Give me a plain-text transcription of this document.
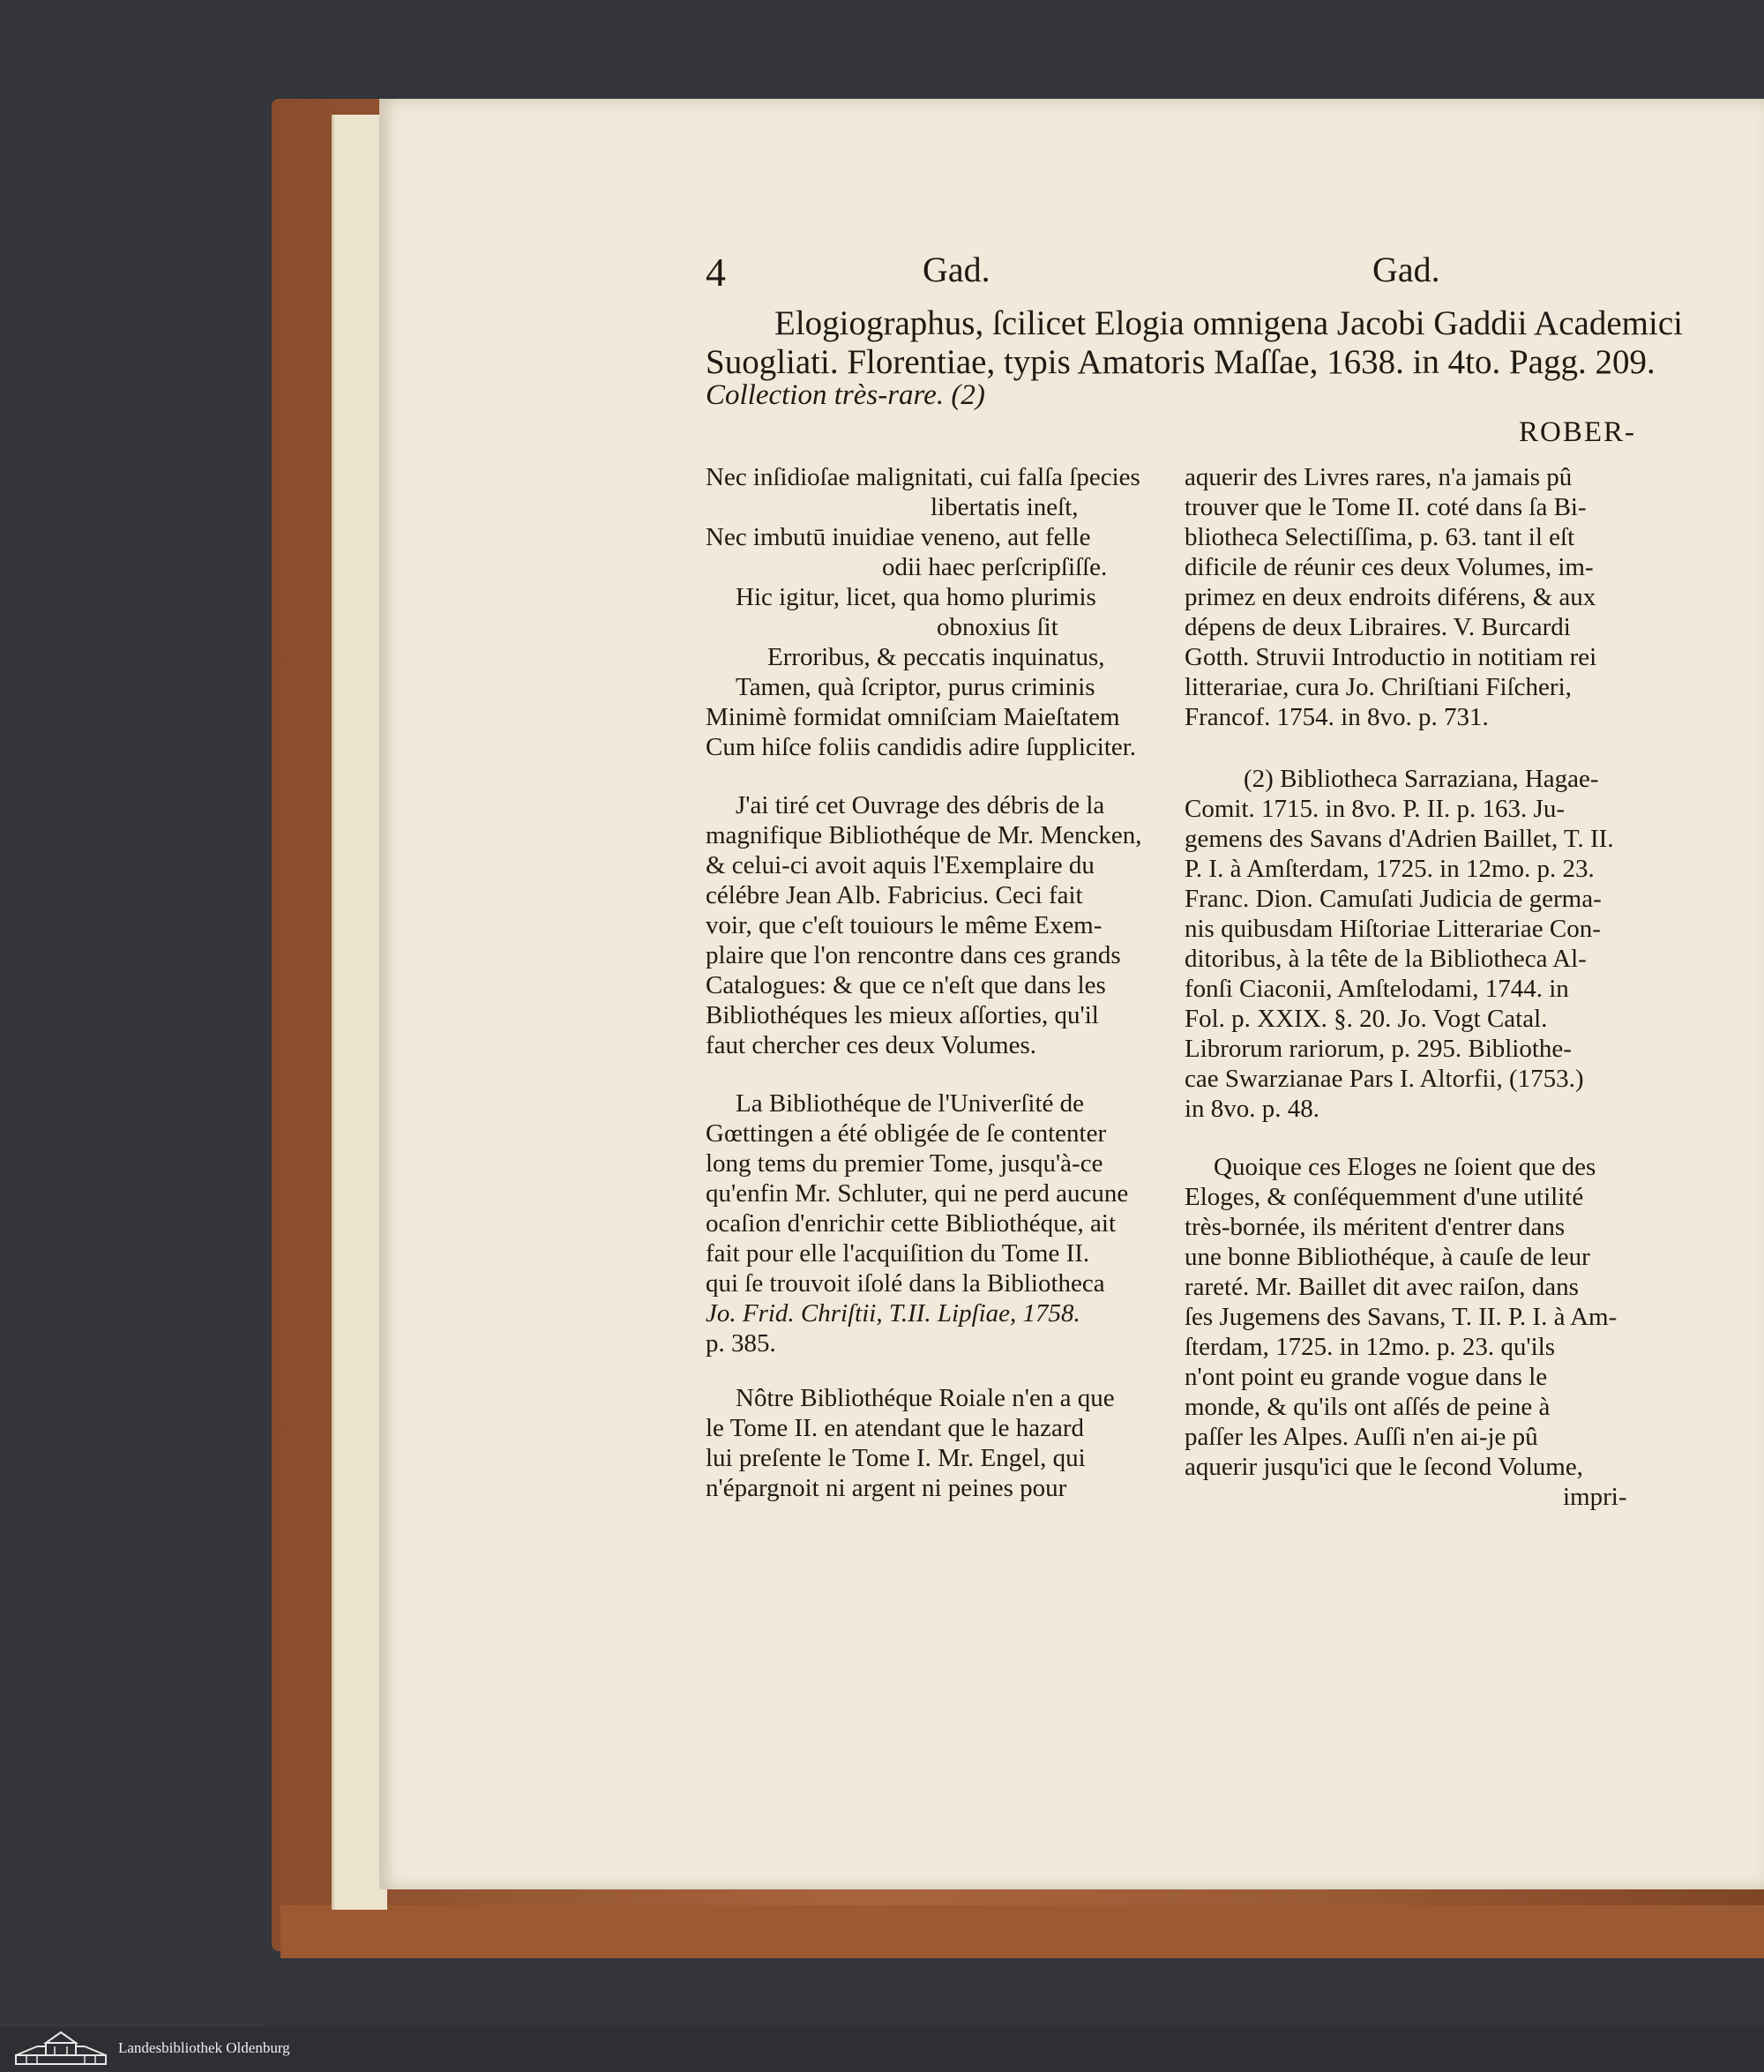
4	Gad.	Gad.
Elogiographus, ſcilicet Elogia omnigena Jacobi Gaddii Academici
Suogliati. Florentiae, typis Amatoris Maſſae, 1638. in 4to. Pagg. 209.
Collection très-rare. (2)
ROBER-
Nec inſidioſae malignitati, cui falſa ſpecies
libertatis ineſt,
Nec imbutū inuidiae veneno, aut felle
odii haec perſcripſiſſe.
Hic igitur, licet, qua homo plurimis
obnoxius ſit
Erroribus, & peccatis inquinatus,
Tamen, quà ſcriptor, purus criminis
Minimè formidat omniſciam Maieſtatem
Cum hiſce foliis candidis adire ſuppliciter.
J'ai tiré cet Ouvrage des débris de la
magnifique Bibliothéque de Mr. Mencken,
& celui-ci avoit aquis l'Exemplaire du
célébre Jean Alb. Fabricius. Ceci fait
voir, que c'eſt touiours le même Exem-
plaire que l'on rencontre dans ces grands
Catalogues: & que ce n'eſt que dans les
Bibliothéques les mieux aſſorties, qu'il
faut chercher ces deux Volumes.
La Bibliothéque de l'Univerſité de
Gœttingen a été obligée de ſe contenter
long tems du premier Tome, jusqu'à-ce
qu'enfin Mr. Schluter, qui ne perd aucune
ocaſion d'enrichir cette Bibliothéque, ait
fait pour elle l'acquiſition du Tome II.
qui ſe trouvoit iſolé dans la Bibliotheca
Jo. Frid. Chriſtii, T.II. Lipſiae, 1758.
p. 385.
Nôtre Bibliothéque Roiale n'en a que
le Tome II. en atendant que le hazard
lui preſente le Tome I. Mr. Engel, qui
n'épargnoit ni argent ni peines pour
aquerir des Livres rares, n'a jamais pû
trouver que le Tome II. coté dans ſa Bi-
bliotheca Selectiſſima, p. 63. tant il eſt
dificile de réunir ces deux Volumes, im-
primez en deux endroits diférens, & aux
dépens de deux Libraires. V. Burcardi
Gotth. Struvii Introductio in notitiam rei
litterariae, cura Jo. Chriſtiani Fiſcheri,
Francof. 1754. in 8vo. p. 731.
(2) Bibliotheca Sarraziana, Hagae-
Comit. 1715. in 8vo. P. II. p. 163. Ju-
gemens des Savans d'Adrien Baillet, T. II.
P. I. à Amſterdam, 1725. in 12mo. p. 23.
Franc. Dion. Camuſati Judicia de germa-
nis quibusdam Hiſtoriae Litterariae Con-
ditoribus, à la tête de la Bibliotheca Al-
fonſi Ciaconii, Amſtelodami, 1744. in
Fol. p. XXIX. §. 20. Jo. Vogt Catal.
Librorum rariorum, p. 295. Bibliothe-
cae Swarzianae Pars I. Altorfii, (1753.)
in 8vo. p. 48.
Quoique ces Eloges ne ſoient que des
Eloges, & conſéquemment d'une utilité
très-bornée, ils méritent d'entrer dans
une bonne Bibliothéque, à cauſe de leur
rareté. Mr. Baillet dit avec raiſon, dans
ſes Jugemens des Savans, T. II. P. I. à Am-
ſterdam, 1725. in 12mo. p. 23. qu'ils
n'ont point eu grande vogue dans le
monde, & qu'ils ont aſſés de peine à
paſſer les Alpes. Auſſi n'en ai-je pû
aquerir jusqu'ici que le ſecond Volume,
impri-
Landesbibliothek Oldenburg
